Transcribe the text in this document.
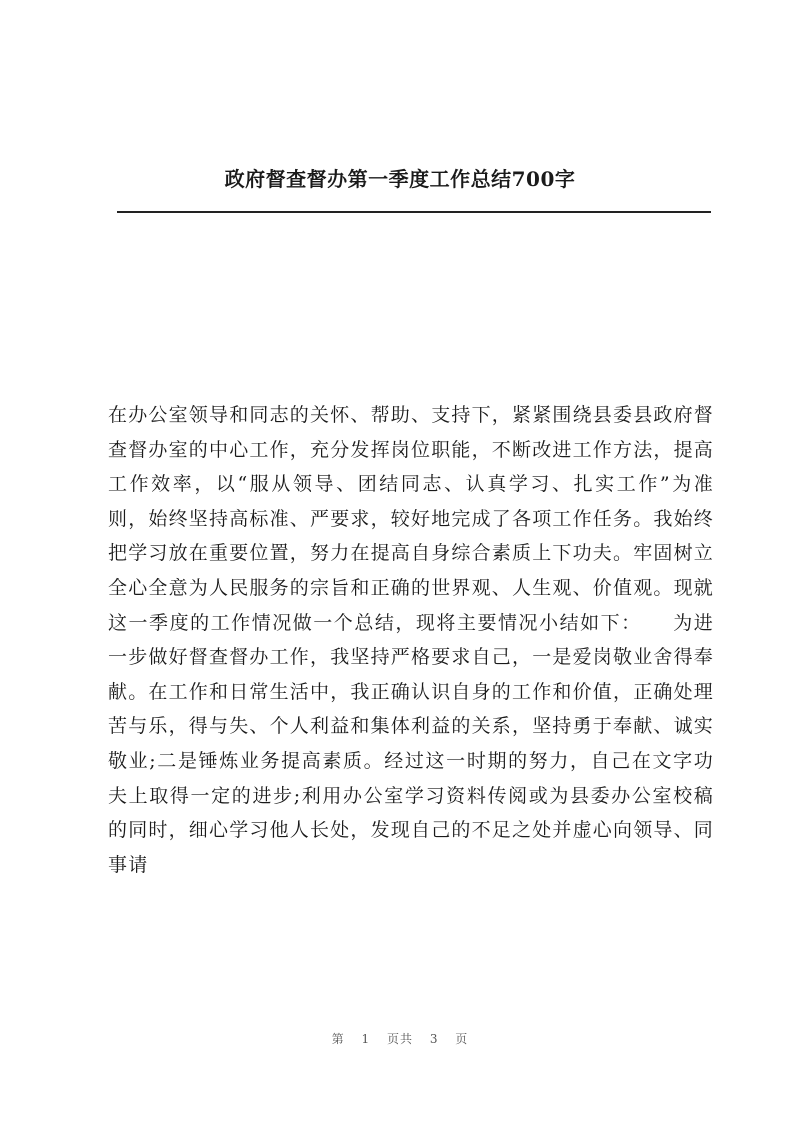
政府督查督办第一季度工作总结700字

在办公室领导和同志的关怀、帮助、支持下，紧紧围绕县委县政府督查督办室的中心工作，充分发挥岗位职能，不断改进工作方法，提高工作效率，以“服从领导、团结同志、认真学习、扎实工作”为准则，始终坚持高标准、严要求，较好地完成了各项工作任务。我始终把学习放在重要位置，努力在提高自身综合素质上下功夫。牢固树立全心全意为人民服务的宗旨和正确的世界观、人生观、价值观。现就这一季度的工作情况做一个总结，现将主要情况小结如下：　　为进一步做好督查督办工作，我坚持严格要求自己，一是爱岗敬业舍得奉献。在工作和日常生活中，我正确认识自身的工作和价值，正确处理苦与乐，得与失、个人利益和集体利益的关系，坚持勇于奉献、诚实敬业;二是锤炼业务提高素质。经过这一时期的努力，自己在文字功夫上取得一定的进步;利用办公室学习资料传阅或为县委办公室校稿的同时，细心学习他人长处，发现自己的不足之处并虚心向领导、同事请

第 1 页共 3 页
